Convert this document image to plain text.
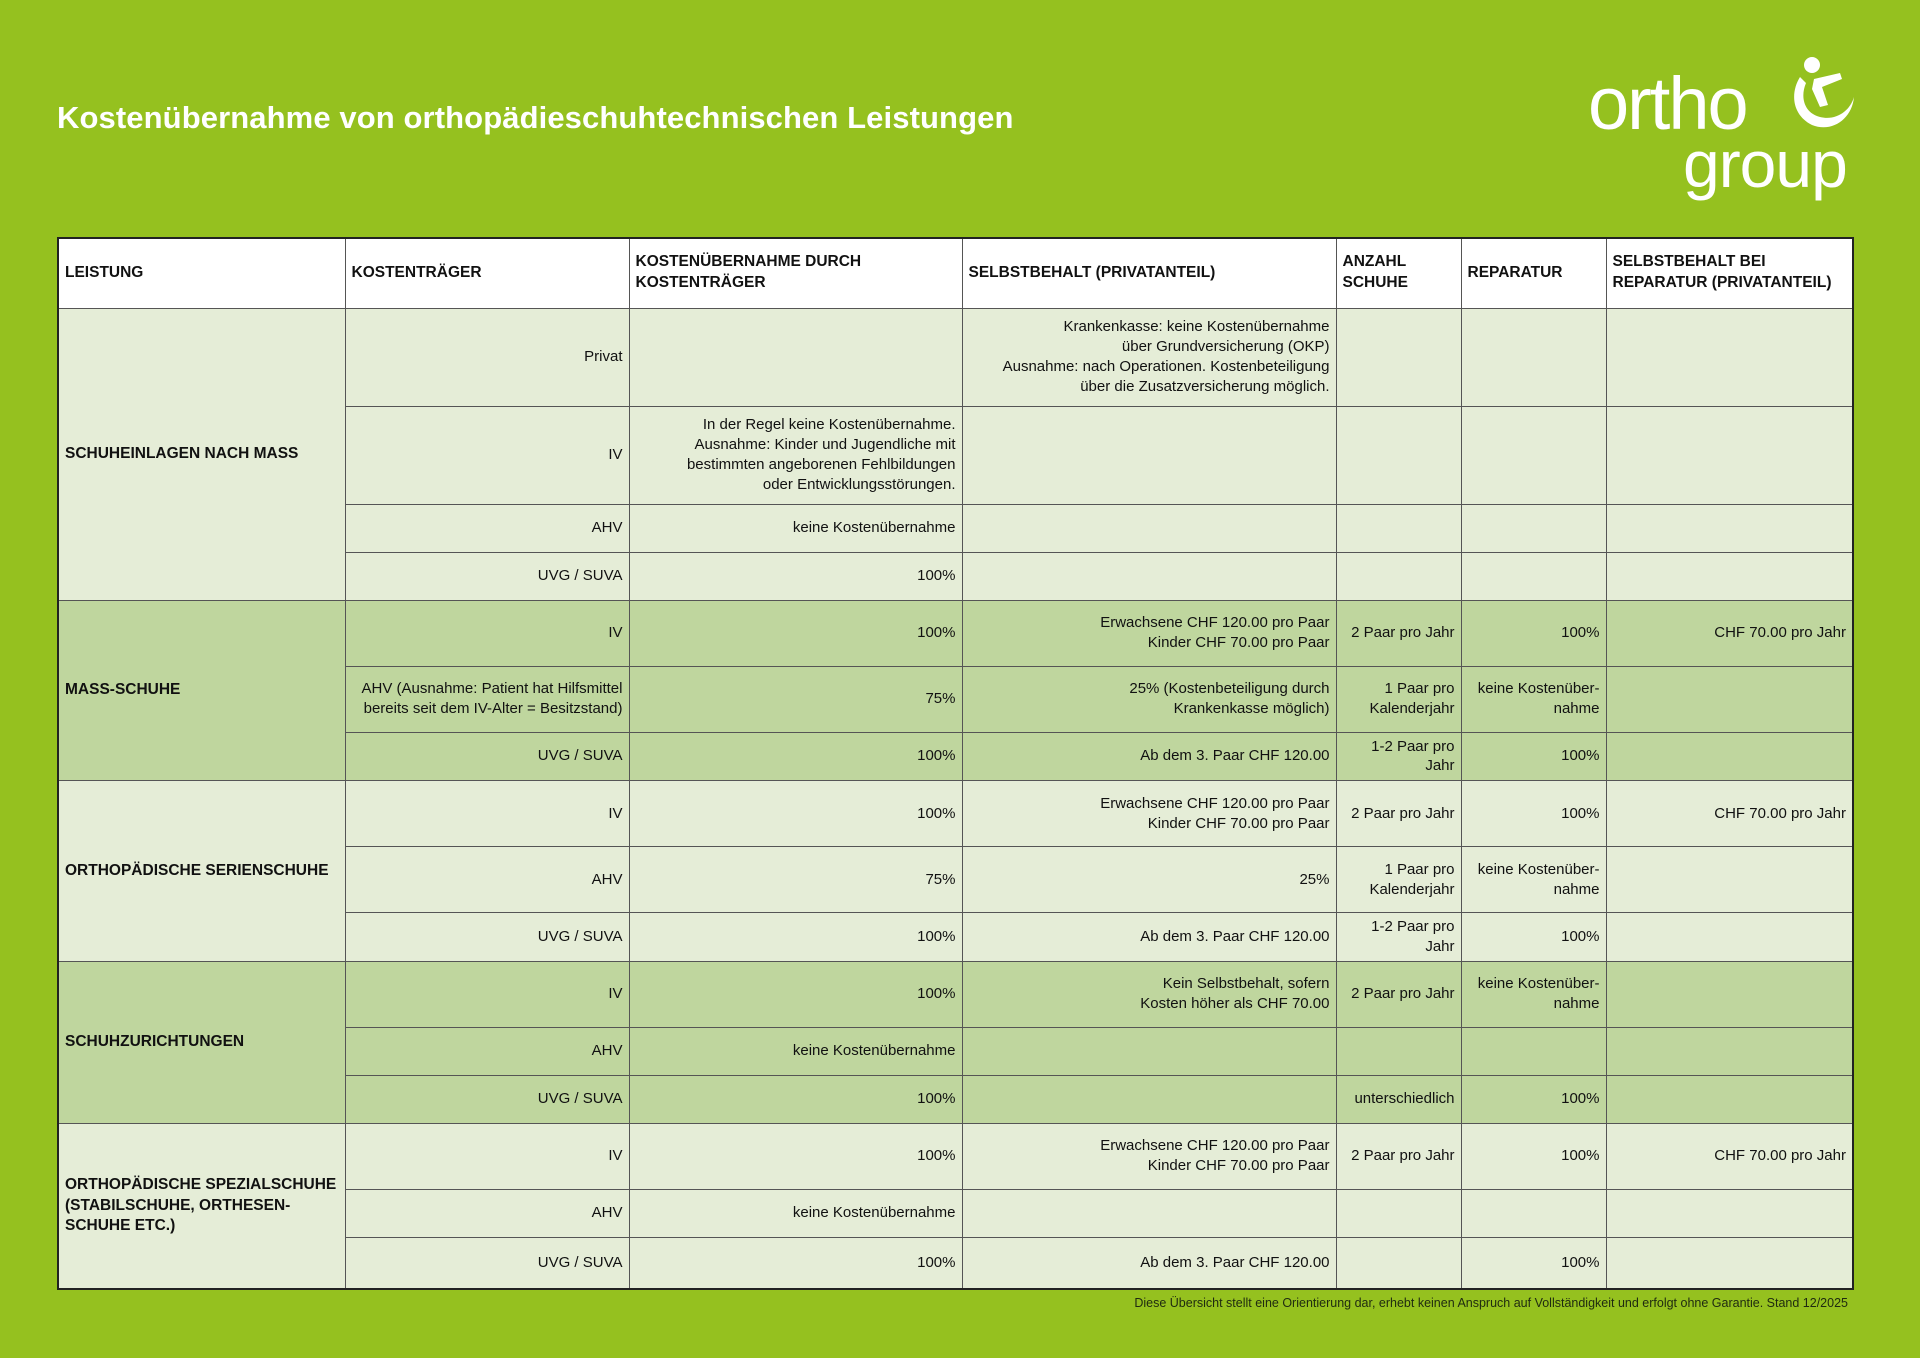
Kostenübernahme von orthopädieschuhtechnischen Leistungen	ortho
group
LEISTUNG	KOSTENTRÄGER	KOSTENÜBERNAHME DURCH KOSTENTRÄGER	SELBSTBEHALT (PRIVATANTEIL)	ANZAHL SCHUHE	REPARATUR	SELBSTBEHALT BEI REPARATUR (PRIVATANTEIL)
SCHUHEINLAGEN NACH MASS	Privat		Krankenkasse: keine Kostenübernahme
über Grundversicherung (OKP)
Ausnahme: nach Operationen. Kostenbeteiligung
über die Zusatzversicherung möglich.			
	IV	In der Regel keine Kostenübernahme.
Ausnahme: Kinder und Jugendliche mit
bestimmten angeborenen Fehlbildungen
oder Entwicklungsstörungen.				
	AHV	keine Kostenübernahme				
	UVG / SUVA	100%				
MASS-SCHUHE	IV	100%	Erwachsene CHF 120.00 pro Paar
Kinder CHF 70.00 pro Paar	2 Paar pro Jahr	100%	CHF 70.00 pro Jahr
	AHV (Ausnahme: Patient hat Hilfsmittel
bereits seit dem IV-Alter = Besitzstand)	75%	25% (Kostenbeteiligung durch
Krankenkasse möglich)	1 Paar pro
Kalenderjahr	keine Kostenüber-
nahme	
	UVG / SUVA	100%	Ab dem 3. Paar CHF 120.00	1-2 Paar pro Jahr	100%	
ORTHOPÄDISCHE SERIENSCHUHE	IV	100%	Erwachsene CHF 120.00 pro Paar
Kinder CHF 70.00 pro Paar	2 Paar pro Jahr	100%	CHF 70.00 pro Jahr
	AHV	75%	25%	1 Paar pro
Kalenderjahr	keine Kostenüber-
nahme	
	UVG / SUVA	100%	Ab dem 3. Paar CHF 120.00	1-2 Paar pro Jahr	100%	
SCHUHZURICHTUNGEN	IV	100%	Kein Selbstbehalt, sofern
Kosten höher als CHF 70.00	2 Paar pro Jahr	keine Kostenüber-
nahme	
	AHV	keine Kostenübernahme				
	UVG / SUVA	100%		unterschiedlich	100%	
ORTHOPÄDISCHE SPEZIALSCHUHE
(STABILSCHUHE, ORTHESEN-
SCHUHE ETC.)	IV	100%	Erwachsene CHF 120.00 pro Paar
Kinder CHF 70.00 pro Paar	2 Paar pro Jahr	100%	CHF 70.00 pro Jahr
	AHV	keine Kostenübernahme				
	UVG / SUVA	100%	Ab dem 3. Paar CHF 120.00		100%	
Diese Übersicht stellt eine Orientierung dar, erhebt keinen Anspruch auf Vollständigkeit und erfolgt ohne Garantie. Stand 12/2025
